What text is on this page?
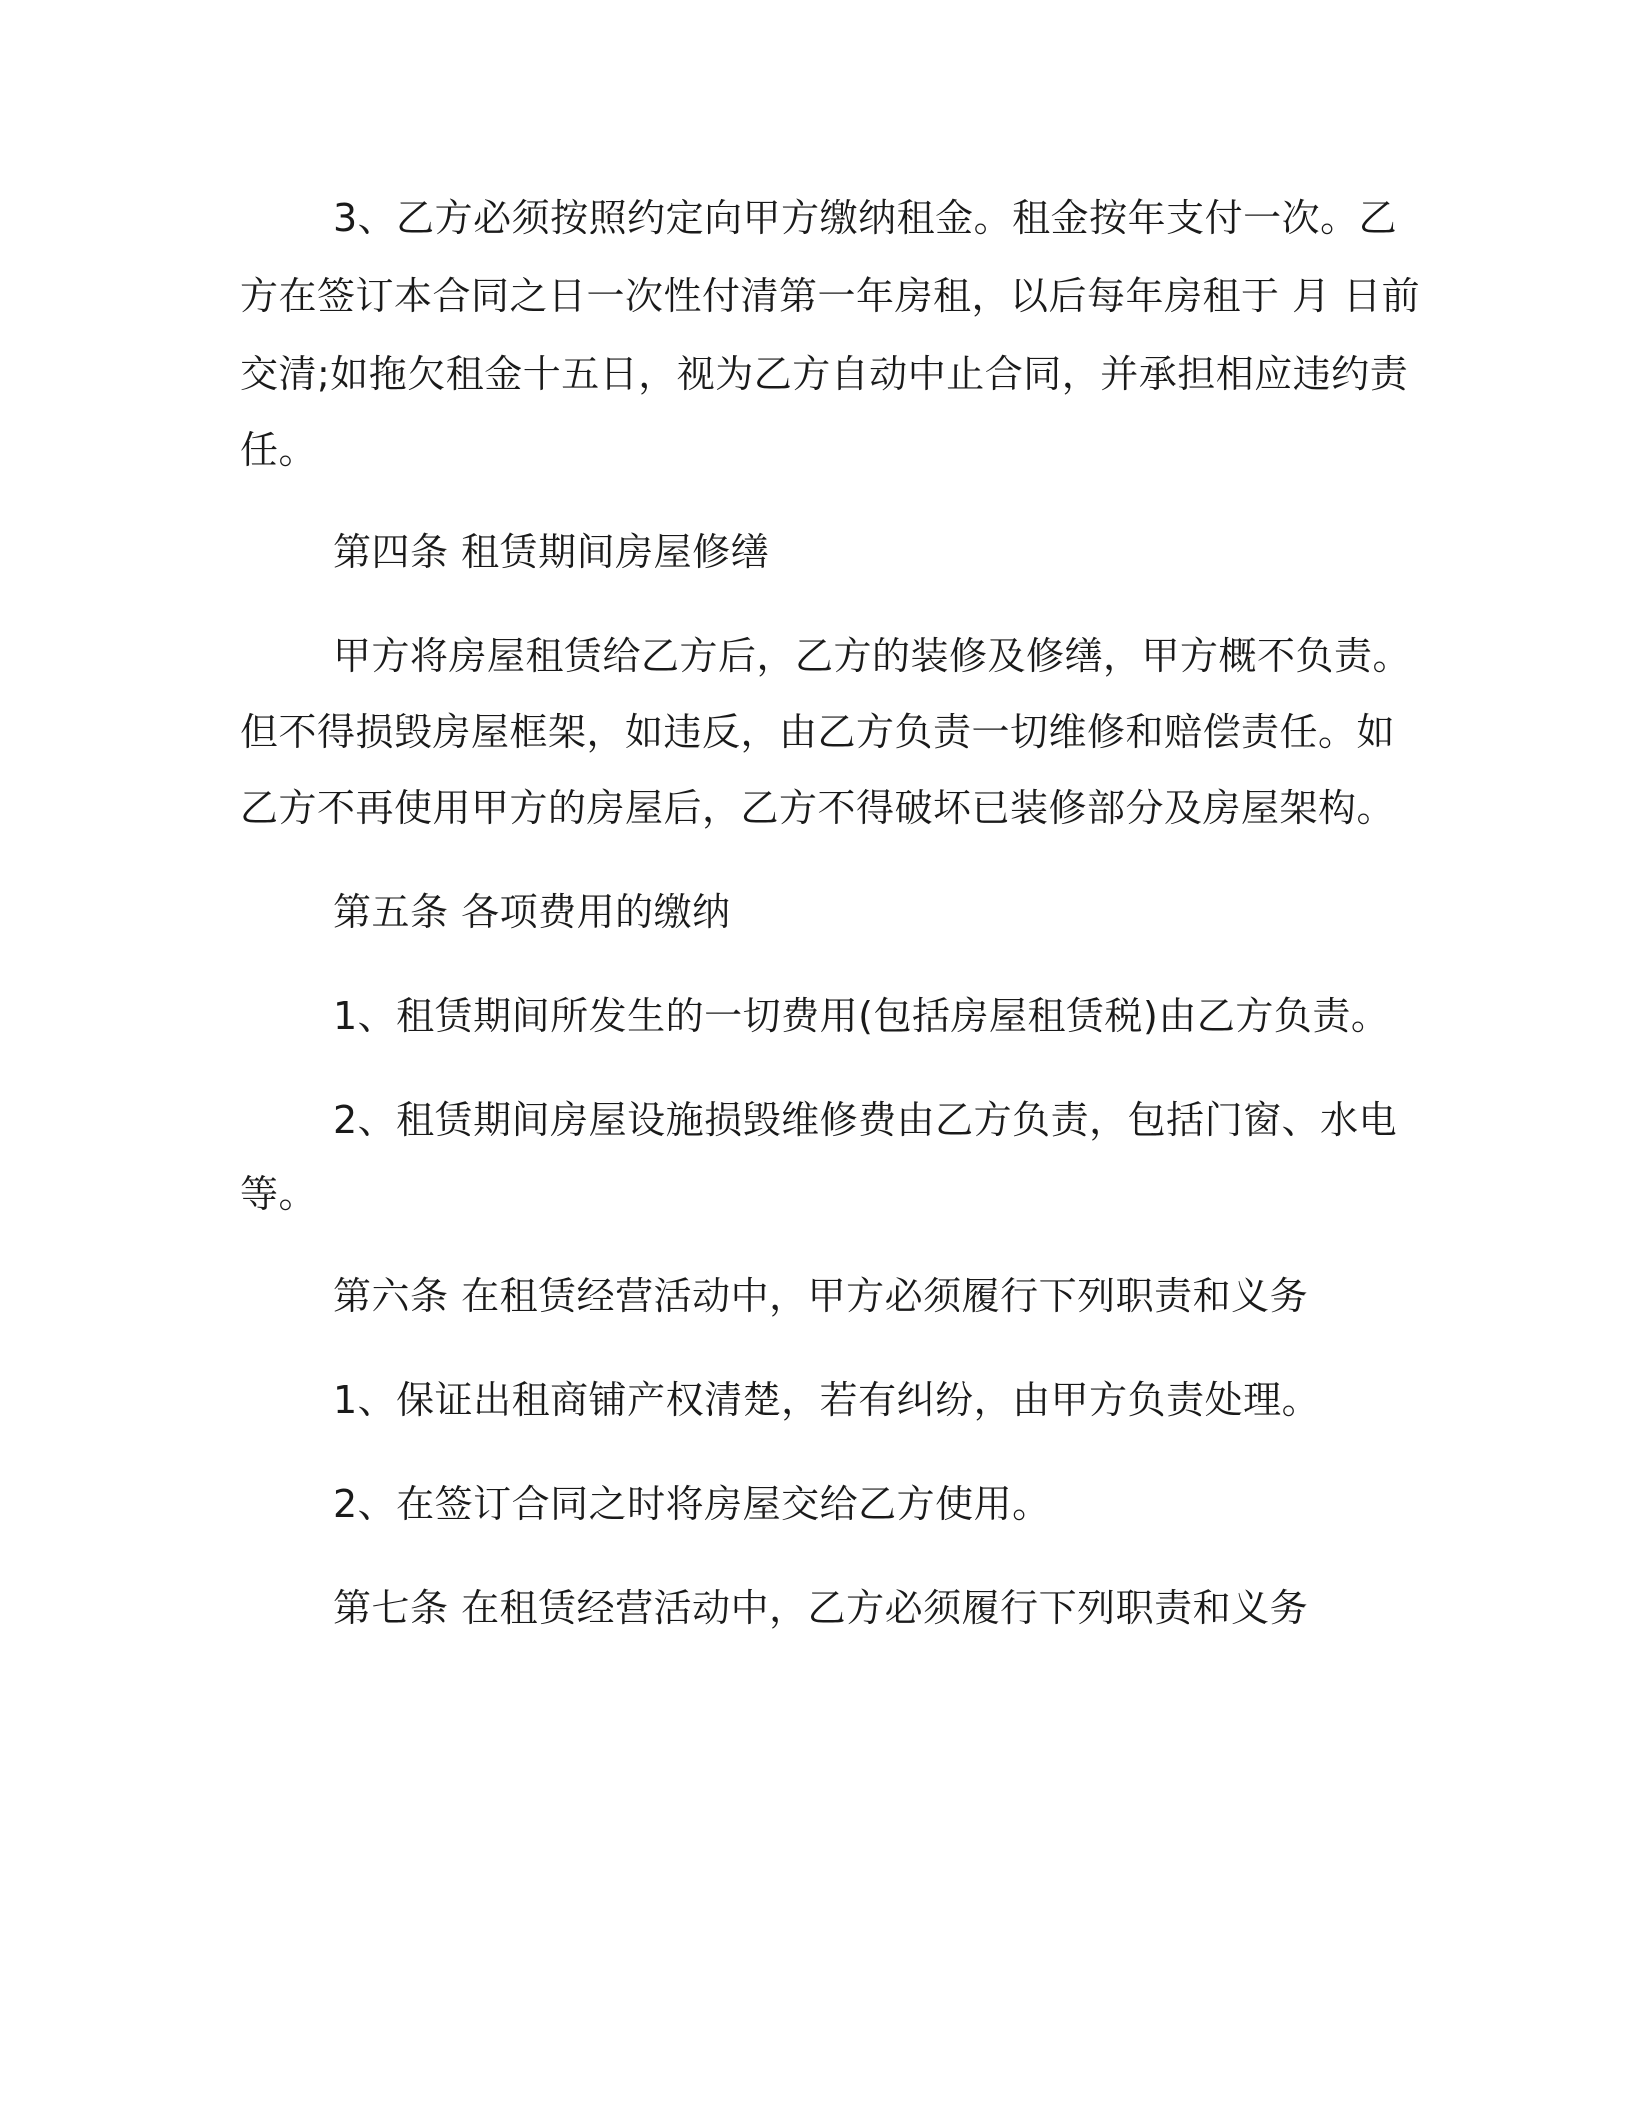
3、乙方必须按照约定向甲方缴纳租金。租金按年支付一次。乙
方在签订本合同之日一次性付清第一年房租，以后每年房租于 月 日前
交清;如拖欠租金十五日，视为乙方自动中止合同，并承担相应违约责
任。
第四条 租赁期间房屋修缮
甲方将房屋租赁给乙方后，乙方的装修及修缮，甲方概不负责。
但不得损毁房屋框架，如违反，由乙方负责一切维修和赔偿责任。如
乙方不再使用甲方的房屋后，乙方不得破坏已装修部分及房屋架构。
第五条 各项费用的缴纳
1、租赁期间所发生的一切费用(包括房屋租赁税)由乙方负责。
2、租赁期间房屋设施损毁维修费由乙方负责，包括门窗、水电
等。
第六条 在租赁经营活动中，甲方必须履行下列职责和义务
1、保证出租商铺产权清楚，若有纠纷，由甲方负责处理。
2、在签订合同之时将房屋交给乙方使用。
第七条 在租赁经营活动中，乙方必须履行下列职责和义务
